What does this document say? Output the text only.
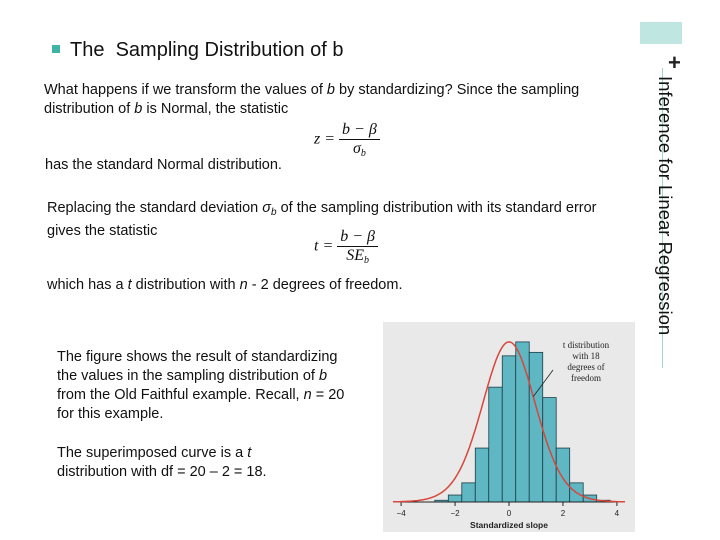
+
Inference for Linear Regression
The Sampling Distribution of b
What happens if we transform the values of b by standardizing? Since the sampling distribution of b is Normal, the statistic
$z = \frac{b - \beta}{\sigma_b}$
has the standard Normal distribution.
Replacing the standard deviation $\sigma_b$ of the sampling distribution with its standard error gives the statistic
$t = \frac{b - \beta}{SE_b}$
which has a t distribution with n - 2 degrees of freedom.
The figure shows the result of standardizing the values in the sampling distribution of b from the Old Faithful example. Recall, n = 20 for this example.
The superimposed curve is a t distribution with df = 20 – 2 = 18.
−4	−2	0	2	4
Standardized slope
t distribution
with 18
degrees of
freedom
